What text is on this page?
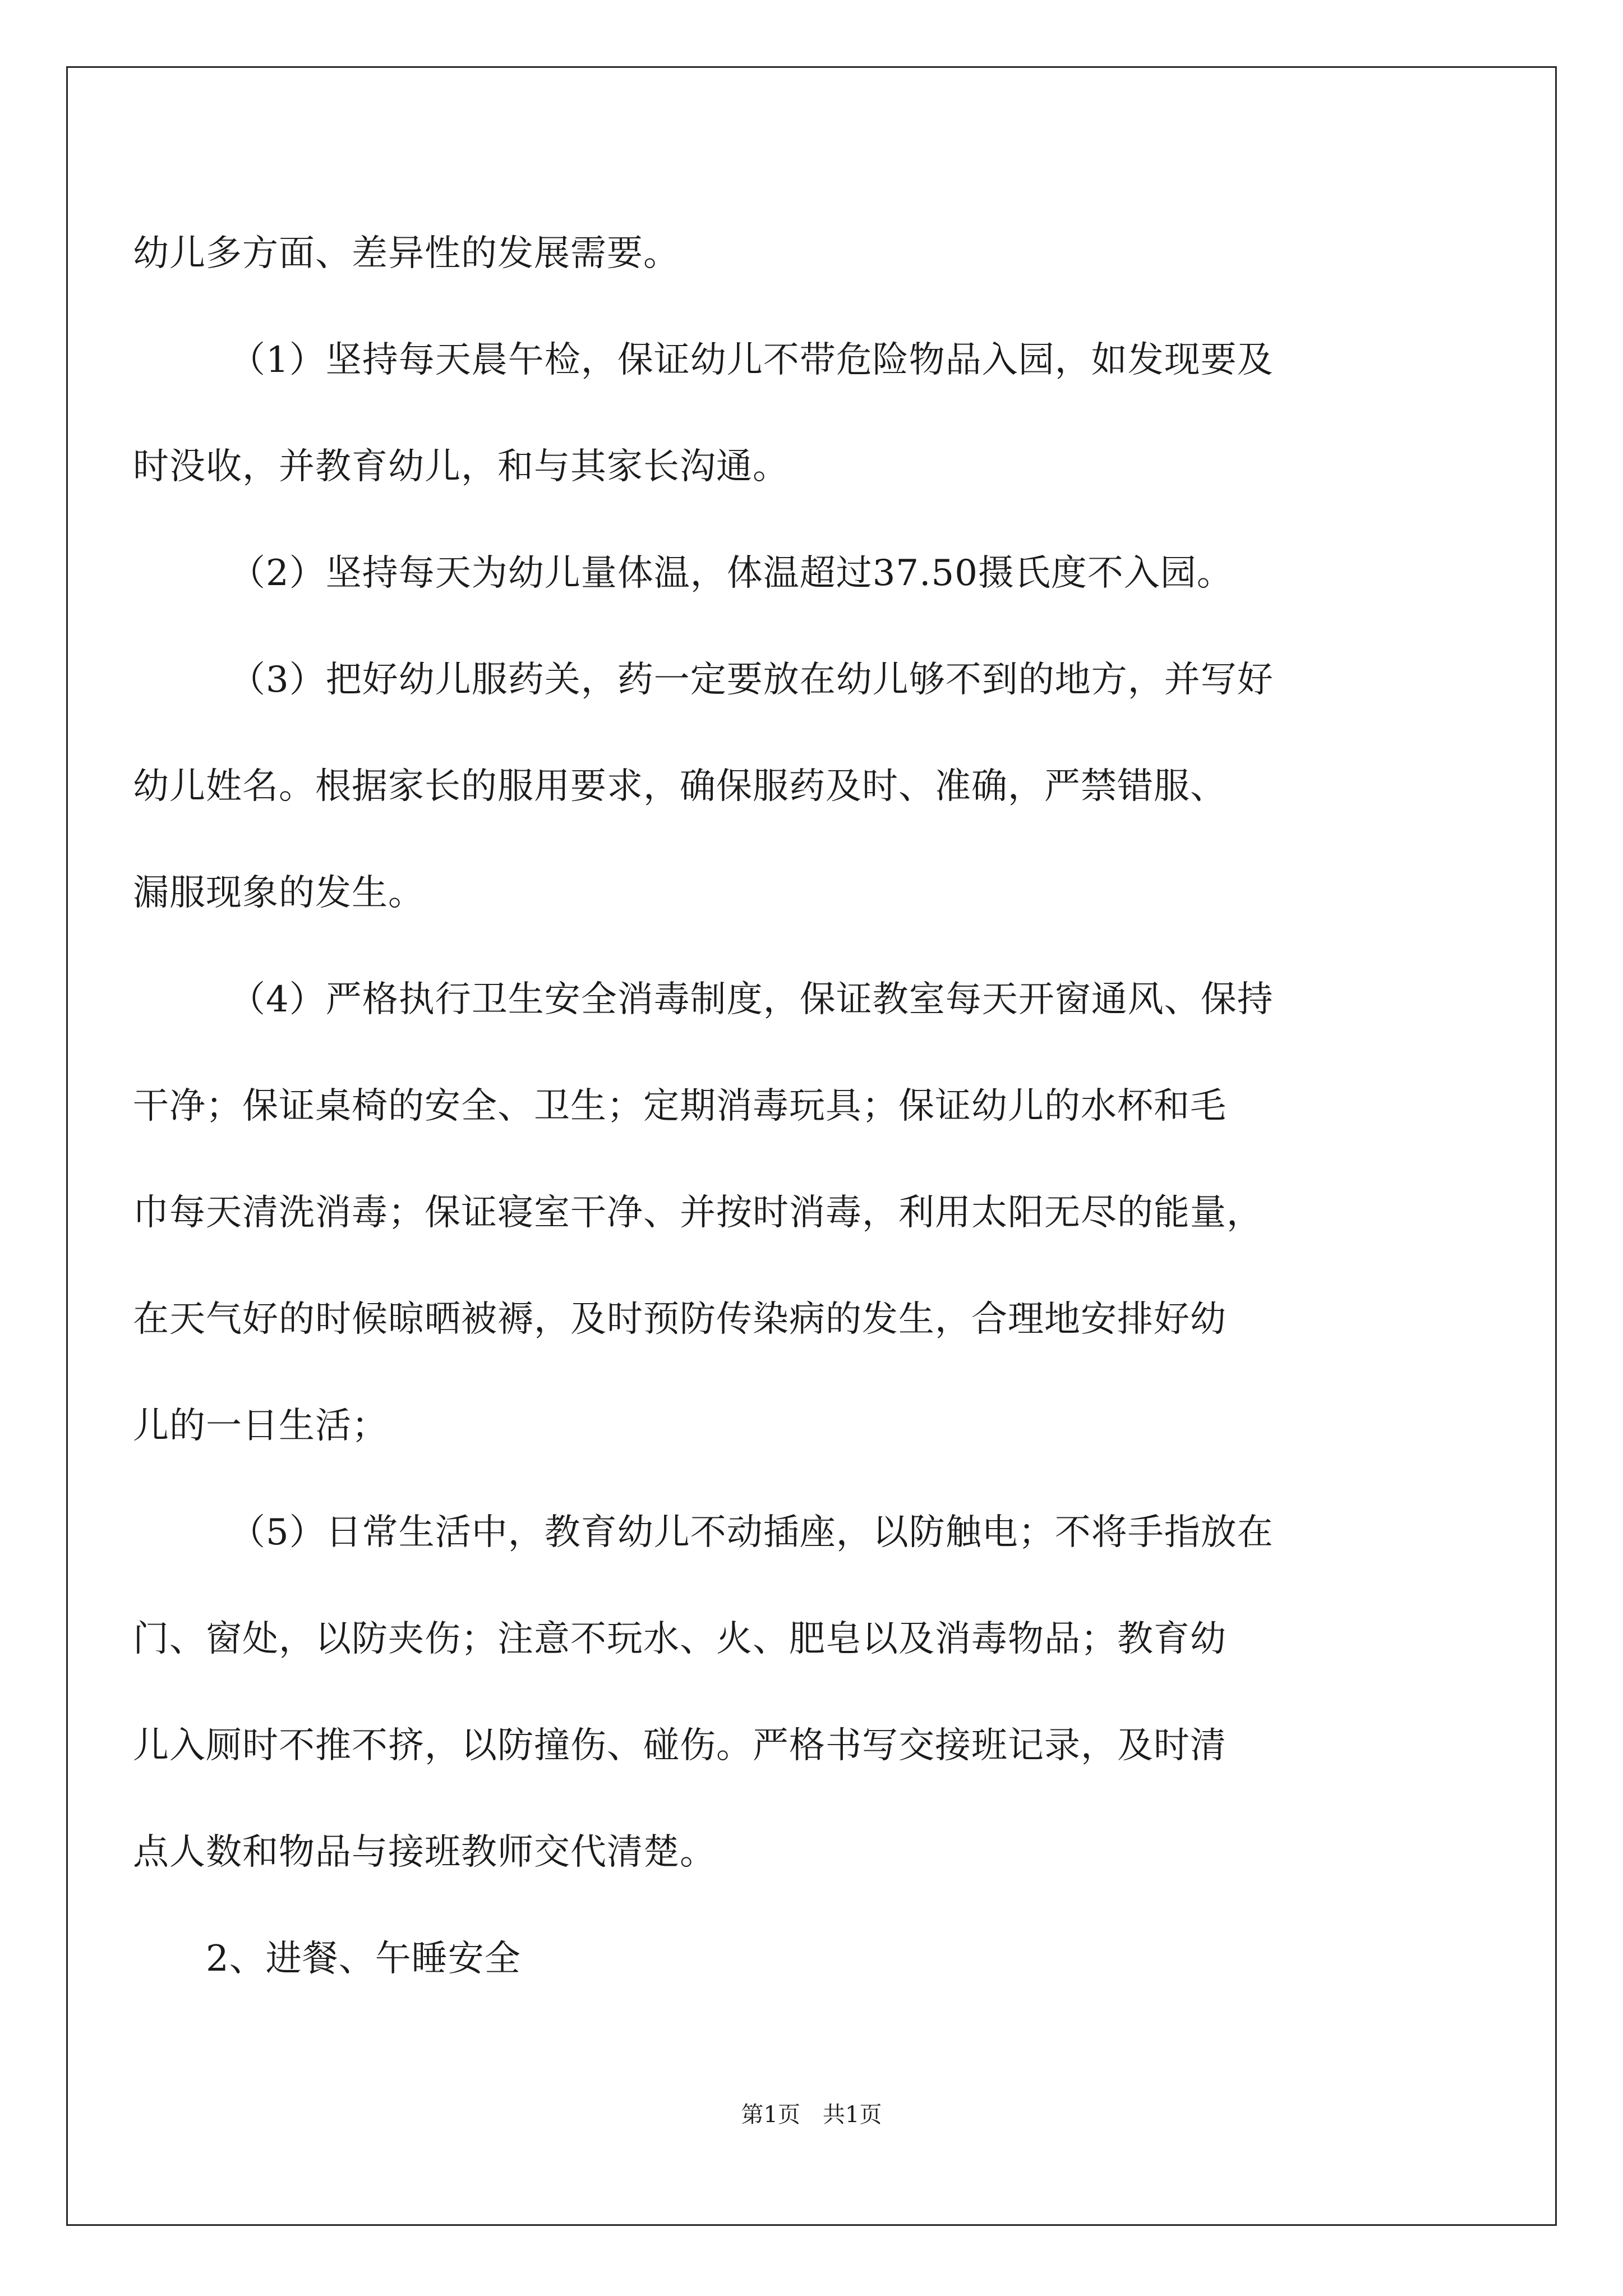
幼儿多方面、差异性的发展需要。
（1）坚持每天晨午检，保证幼儿不带危险物品入园，如发现要及
时没收，并教育幼儿，和与其家长沟通。
（2）坚持每天为幼儿量体温，体温超过37.50摄氏度不入园。
（3）把好幼儿服药关，药一定要放在幼儿够不到的地方，并写好
幼儿姓名。根据家长的服用要求，确保服药及时、准确，严禁错服、
漏服现象的发生。
（4）严格执行卫生安全消毒制度，保证教室每天开窗通风、保持
干净；保证桌椅的安全、卫生；定期消毒玩具；保证幼儿的水杯和毛
巾每天清洗消毒；保证寝室干净、并按时消毒，利用太阳无尽的能量，
在天气好的时候晾晒被褥，及时预防传染病的发生，合理地安排好幼
儿的一日生活；
（5）日常生活中，教育幼儿不动插座，以防触电；不将手指放在
门、窗处，以防夹伤；注意不玩水、火、肥皂以及消毒物品；教育幼
儿入厕时不推不挤，以防撞伤、碰伤。严格书写交接班记录，及时清
点人数和物品与接班教师交代清楚。
2、进餐、午睡安全
第1页 共1页
